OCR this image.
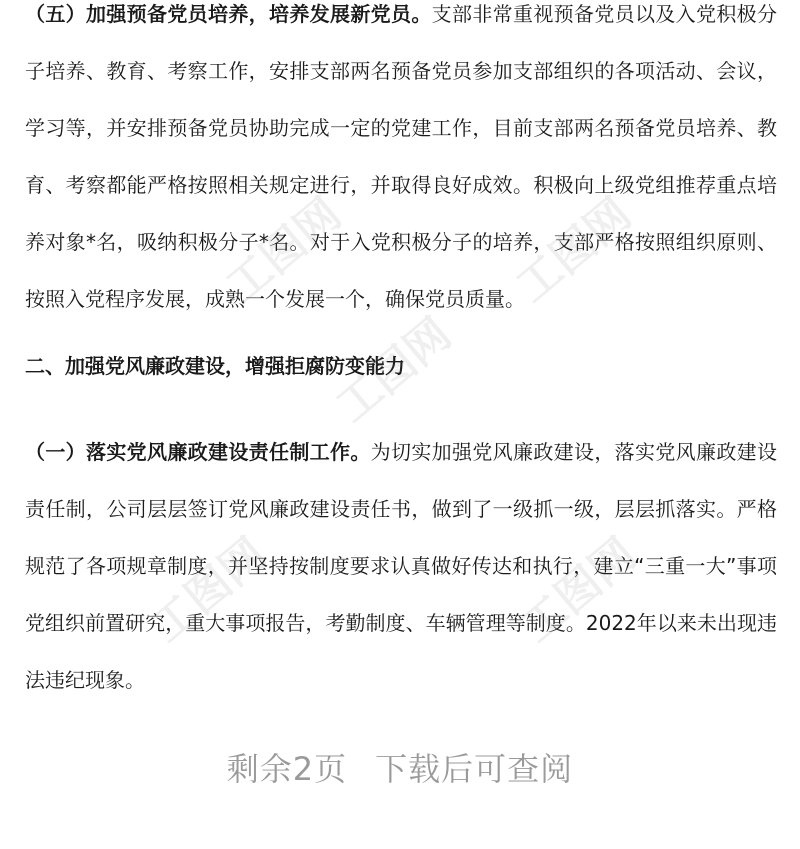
（五）加强预备党员培养，培养发展新党员。支部非常重视预备党员以及入党积极分子培养、教育、考察工作，安排支部两名预备党员参加支部组织的各项活动、会议，学习等，并安排预备党员协助完成一定的党建工作，目前支部两名预备党员培养、教育、考察都能严格按照相关规定进行，并取得良好成效。积极向上级党组推荐重点培养对象*名，吸纳积极分子*名。对于入党积极分子的培养，支部严格按照组织原则、按照入党程序发展，成熟一个发展一个，确保党员质量。

二、加强党风廉政建设，增强拒腐防变能力

（一）落实党风廉政建设责任制工作。为切实加强党风廉政建设，落实党风廉政建设责任制，公司层层签订党风廉政建设责任书，做到了一级抓一级，层层抓落实。严格规范了各项规章制度，并坚持按制度要求认真做好传达和执行，建立“三重一大”事项党组织前置研究，重大事项报告，考勤制度、车辆管理等制度。2022年以来未出现违法违纪现象。

工图网	工图网
工图网
工图网	工图网
剩余2页 下载后可查阅
